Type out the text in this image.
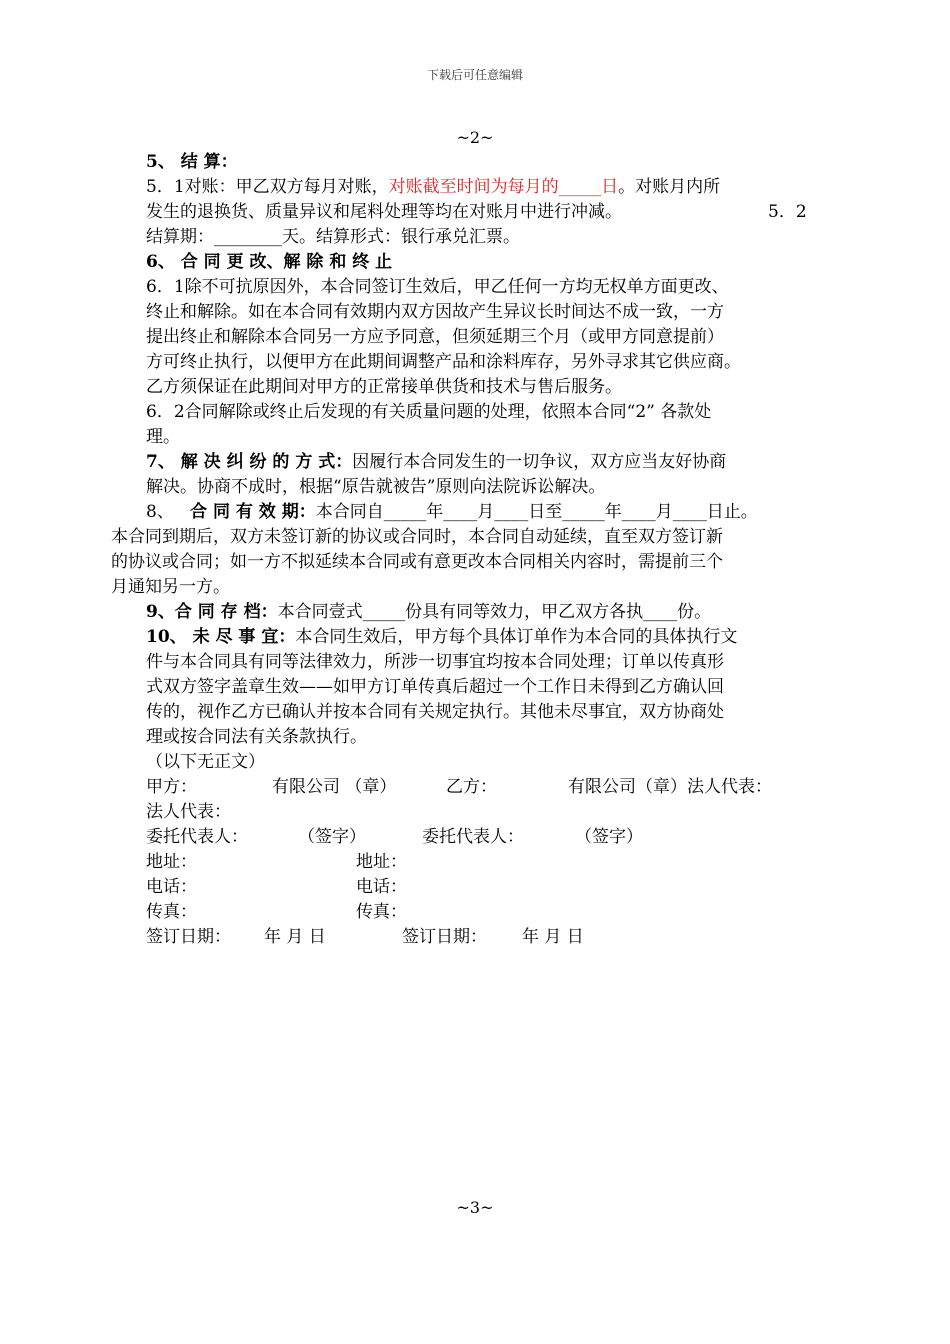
下载后可任意编辑
~2~
5、 结 算：
5．1对账：甲乙双方每月对账，对账截至时间为每月的_____日。对账月内所
发生的退换货、质量异议和尾料处理等均在对账月中进行冲减。	5．2
结算期：________天。结算形式：银行承兑汇票。
6、 合 同 更 改、解 除 和 终 止
6．1除不可抗原因外，本合同签订生效后，甲乙任何一方均无权单方面更改、
终止和解除。如在本合同有效期内双方因故产生异议长时间达不成一致，一方
提出终止和解除本合同另一方应予同意，但须延期三个月（或甲方同意提前）
方可终止执行，以便甲方在此期间调整产品和涂料库存，另外寻求其它供应商。
乙方须保证在此期间对甲方的正常接单供货和技术与售后服务。
6．2合同解除或终止后发现的有关质量问题的处理，依照本合同“2” 各款处
理。
7、 解 决 纠 纷 的 方 式：因履行本合同发生的一切争议，双方应当友好协商
解决。协商不成时，根据“原告就被告”原则向法院诉讼解决。
8、   合 同 有 效 期：本合同自_____年____月____日至_____年____月____日止。
本合同到期后，双方未签订新的协议或合同时，本合同自动延续，直至双方签订新
的协议或合同；如一方不拟延续本合同或有意更改本合同相关内容时，需提前三个
月通知另一方。
9、合 同 存 档：本合同壹式_____份具有同等效力，甲乙双方各执____份。
10、 未 尽 事 宜：本合同生效后，甲方每个具体订单作为本合同的具体执行文
件与本合同具有同等法律效力，所涉一切事宜均按本合同处理；订单以传真形
式双方签字盖章生效——如甲方订单传真后超过一个工作日未得到乙方确认回
传的，视作乙方已确认并按本合同有关规定执行。其他未尽事宜，双方协商处
理或按合同法有关条款执行。
（以下无正文）
甲方：	有限公司 （章）	乙方：	有限公司（章）法人代表：
法人代表：
委托代表人：	（签字）	委托代表人：	（签字）
地址：	地址：
电话：	电话：
传真：	传真：
签订日期： 年 月 日	签订日期： 年 月 日
~3~
